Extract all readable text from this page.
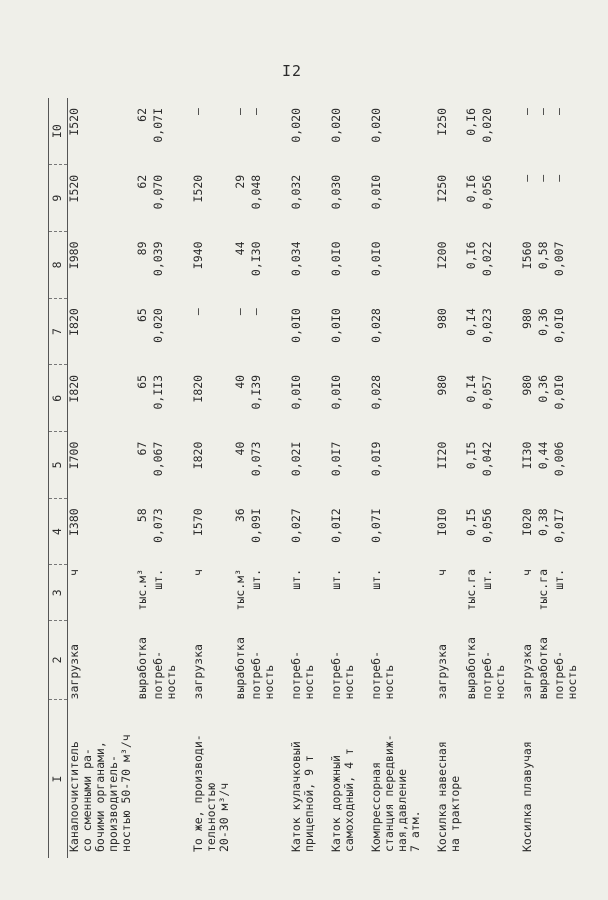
I2
I	2	3	4	5	6	7	8	9	I0
Каналоочиститель
со сменными ра-
бочими органами,
производитель-
ностью 50-70 м³/ч	загрузка	ч	I380	I700	I820	I820	I980	I520	I520
	выработка	тыс.м³	58	67	65	65	89	62	62
	потреб-
ность	шт.	0,073	0,067	0,II3	0,020	0,039	0,070	0,07I
То же, производи-
тельностью
20-30 м³/ч	загрузка	ч	I570	I820	I820	–	I940	I520	–
	выработка	тыс.м³	36	40	40	–	44	29	–
	потреб-
ность	шт.	0,09I	0,073	0,I39	–	0,I30	0,048	–
Каток кулачковый
прицепной, 9 т	потреб-
ность	шт.	0,027	0,02I	0,0I0	0,0I0	0,034	0,032	0,020
Каток дорожный
самоходный, 4 т	потреб-
ность	шт.	0,0I2	0,0I7	0,0I0	0,0I0	0,0I0	0,030	0,020
Компрессорная
станция передвиж-
ная,давление
7 атм.	потреб-
ность	шт.	0,07I	0,0I9	0,028	0,028	0,0I0	0,0I0	0,020
Косилка навесная
на тракторе	загрузка	ч	I0I0	II20	980	980	I200	I250	I250
	выработка	тыс.га	0,I5	0,I5	0,I4	0,I4	0,I6	0,I6	0,I6
	потреб-
ность	шт.	0,056	0,042	0,057	0,023	0,022	0,056	0,020
Косилка плавучая	загрузка	ч	I020	II30	980	980	I560	–	–
	выработка	тыс.га	0,38	0,44	0,36	0,36	0,58	–	–
	потреб-
ность	шт.	0,0I7	0,006	0,0I0	0,0I0	0,007	–	–
